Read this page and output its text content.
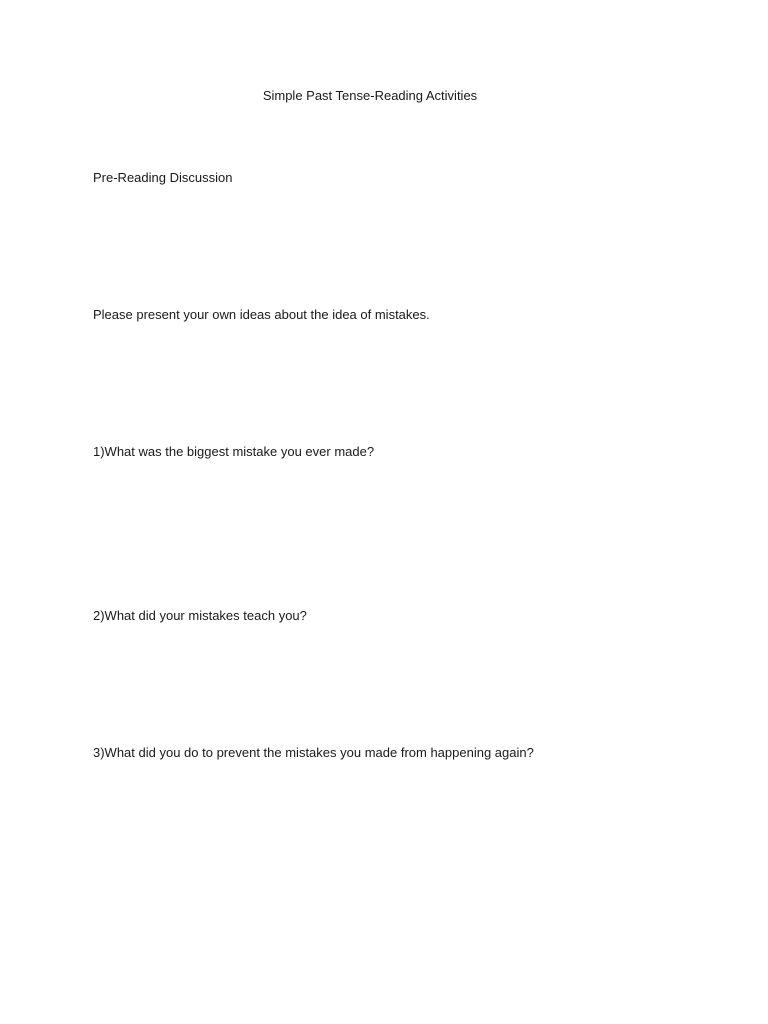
Simple Past Tense-Reading Activities

Pre-Reading Discussion

Please present your own ideas about the idea of mistakes.

1)What was the biggest mistake you ever made?

2)What did your mistakes teach you?

3)What did you do to prevent the mistakes you made from happening again?
